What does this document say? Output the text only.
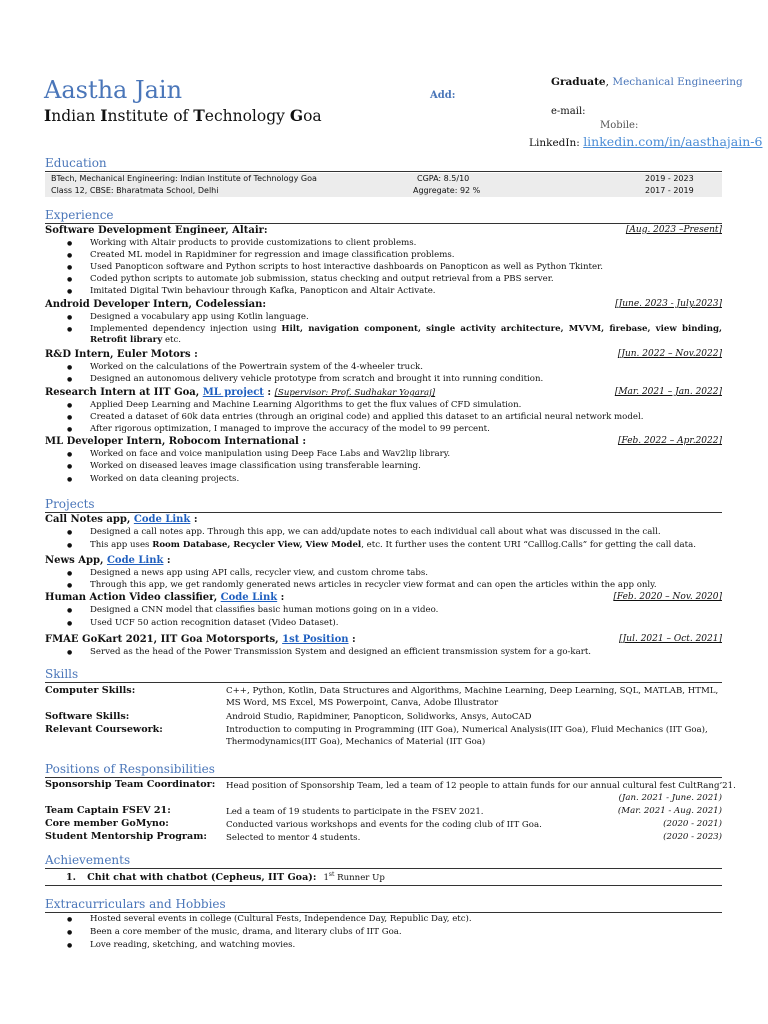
Aastha Jain
Indian Institute of Technology Goa
Add:
Graduate, Mechanical Engineering
e-mail:
Mobile:
LinkedIn: linkedin.com/in/aasthajain-6
Education
BTech, Mechanical Engineering: Indian Institute of Technology Goa	CGPA: 8.5/10	2019 - 2023
Class 12, CBSE: Bharatmata School, Delhi	Aggregate: 92 %	2017 - 2019
Experience
Software Development Engineer, Altair:	[Aug. 2023 –Present]
Working with Altair products to provide customizations to client problems.
Created ML model in Rapidminer for regression and image classification problems.
Used Panopticon software and Python scripts to host interactive dashboards on Panopticon as well as Python Tkinter.
Coded python scripts to automate job submission, status checking and output retrieval from a PBS server.
Imitated Digital Twin behaviour through Kafka, Panopticon and Altair Activate.
Android Developer Intern, Codelessian:	[June. 2023 - July.2023]
Designed a vocabulary app using Kotlin language.
Implemented dependency injection using Hilt, navigation component, single activity architecture, MVVM, firebase, view binding, Retrofit library etc.
R&D Intern, Euler Motors :	[Jun. 2022 – Nov.2022]
Worked on the calculations of the Powertrain system of the 4-wheeler truck.
Designed an autonomous delivery vehicle prototype from scratch and brought it into running condition.
Research Intern at IIT Goa, ML project : [Supervisor: Prof. Sudhakar Yogaraj]	[Mar. 2021 – Jan. 2022]
Applied Deep Learning and Machine Learning Algorithms to get the flux values of CFD simulation.
Created a dataset of 60k data entries (through an original code) and applied this dataset to an artificial neural network model.
After rigorous optimization, I managed to improve the accuracy of the model to 99 percent.
ML Developer Intern, Robocom International :	[Feb. 2022 – Apr.2022]
Worked on face and voice manipulation using Deep Face Labs and Wav2lip library.
Worked on diseased leaves image classification using transferable learning.
Worked on data cleaning projects.
Projects
Call Notes app, Code Link :
Designed a call notes app. Through this app, we can add/update notes to each individual call about what was discussed in the call.
This app uses Room Database, Recycler View, View Model, etc. It further uses the content URI “Calllog.Calls” for getting the call data.
News App, Code Link :
Designed a news app using API calls, recycler view, and custom chrome tabs.
Through this app, we get randomly generated news articles in recycler view format and can open the articles within the app only.
Human Action Video classifier, Code Link :	[Feb. 2020 – Nov. 2020]
Designed a CNN model that classifies basic human motions going on in a video.
Used UCF 50 action recognition dataset (Video Dataset).
FMAE GoKart 2021, IIT Goa Motorsports, 1st Position :	[Jul. 2021 – Oct. 2021]
Served as the head of the Power Transmission System and designed an efficient transmission system for a go-kart.
Skills
Computer Skills:	C++, Python, Kotlin, Data Structures and Algorithms, Machine Learning, Deep Learning, SQL, MATLAB, HTML,
MS Word, MS Excel, MS Powerpoint, Canva, Adobe Illustrator
Software Skills:	Android Studio, Rapidminer, Panopticon, Solidworks, Ansys, AutoCAD
Relevant Coursework:	Introduction to computing in Programming (IIT Goa), Numerical Analysis(IIT Goa), Fluid Mechanics (IIT Goa),
Thermodynamics(IIT Goa), Mechanics of Material (IIT Goa)
Positions of Responsibilities
Sponsorship Team Coordinator: Head position of Sponsorship Team, led a team of 12 people to attain funds for our annual cultural fest CultRang’21.
(Jan. 2021 - June. 2021)
Team Captain FSEV 21:	Led a team of 19 students to participate in the FSEV 2021.	(Mar. 2021 - Aug. 2021)
Core member GoMyno:	Conducted various workshops and events for the coding club of IIT Goa.	(2020 - 2021)
Student Mentorship Program: Selected to mentor 4 students.	(2020 - 2023)
Achievements
1. Chit chat with chatbot (Cepheus, IIT Goa): 1st Runner Up
Extracurriculars and Hobbies
Hosted several events in college (Cultural Fests, Independence Day, Republic Day, etc).
Been a core member of the music, drama, and literary clubs of IIT Goa.
Love reading, sketching, and watching movies.
